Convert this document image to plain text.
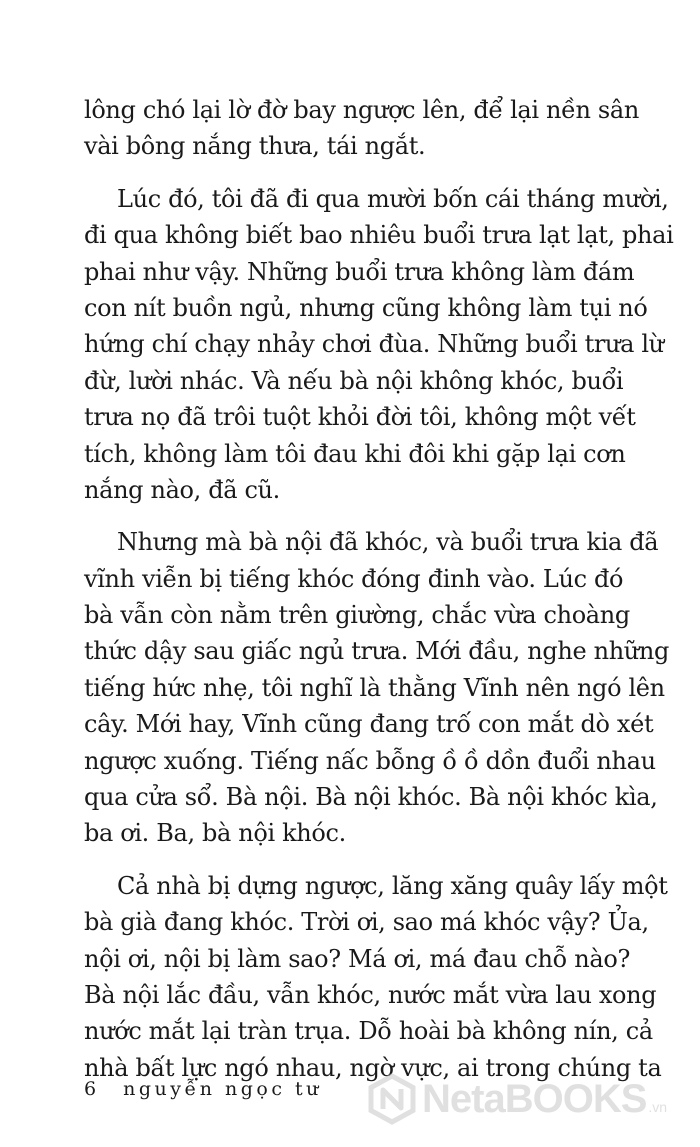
lông chó lại lờ đờ bay ngược lên, để lại nền sân
vài bông nắng thưa, tái ngắt.
Lúc đó, tôi đã đi qua mười bốn cái tháng mười,
đi qua không biết bao nhiêu buổi trưa lạt lạt, phai
phai như vậy. Những buổi trưa không làm đám
con nít buồn ngủ, nhưng cũng không làm tụi nó
hứng chí chạy nhảy chơi đùa. Những buổi trưa lừ
đừ, lười nhác. Và nếu bà nội không khóc, buổi
trưa nọ đã trôi tuột khỏi đời tôi, không một vết
tích, không làm tôi đau khi đôi khi gặp lại cơn
nắng nào, đã cũ.
Nhưng mà bà nội đã khóc, và buổi trưa kia đã
vĩnh viễn bị tiếng khóc đóng đinh vào. Lúc đó
bà vẫn còn nằm trên giường, chắc vừa choàng
thức dậy sau giấc ngủ trưa. Mới đầu, nghe những
tiếng hức nhẹ, tôi nghĩ là thằng Vĩnh nên ngó lên
cây. Mới hay, Vĩnh cũng đang trố con mắt dò xét
ngược xuống. Tiếng nấc bỗng ồ ồ dồn đuổi nhau
qua cửa sổ. Bà nội. Bà nội khóc. Bà nội khóc kìa,
ba ơi. Ba, bà nội khóc.
Cả nhà bị dựng ngược, lăng xăng quây lấy một
bà già đang khóc. Trời ơi, sao má khóc vậy? Ủa,
nội ơi, nội bị làm sao? Má ơi, má đau chỗ nào?
Bà nội lắc đầu, vẫn khóc, nước mắt vừa lau xong
nước mắt lại tràn trụa. Dỗ hoài bà không nín, cả
nhà bất lực ngó nhau, ngờ vực, ai trong chúng ta
6 nguyễn ngọc tư	NetaBOOKS .vn
